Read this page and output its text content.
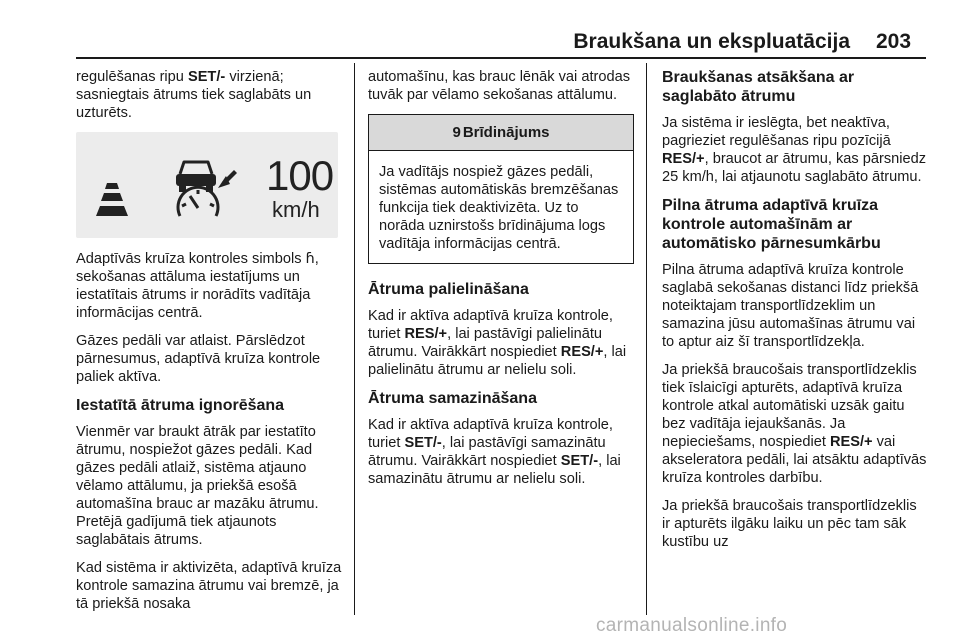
Braukšana un ekspluatācija 203

regulēšanas ripu SET/- virzienā; sasniegtais ātrums tiek saglabāts un uzturēts.

100
km/h

Adaptīvās kruīza kontroles simbols ꚕ, sekošanas attāluma iestatījums un iestatītais ātrums ir norādīts vadītāja informācijas centrā.

Gāzes pedāli var atlaist. Pārslēdzot pārnesumus, adaptīvā kruīza kontrole paliek aktīva.

Iestatītā ātruma ignorēšana

Vienmēr var braukt ātrāk par iestatīto ātrumu, nospiežot gāzes pedāli. Kad gāzes pedāli atlaiž, sistēma atjauno vēlamo attālumu, ja priekšā esošā automašīna brauc ar mazāku ātrumu. Pretējā gadījumā tiek atjaunots saglabātais ātrums.

Kad sistēma ir aktivizēta, adaptīvā kruīza kontrole samazina ātrumu vai bremzē, ja tā priekšā nosaka

automašīnu, kas brauc lēnāk vai atrodas tuvāk par vēlamo sekošanas attālumu.

9 Brīdinājums
Ja vadītājs nospiež gāzes pedāli, sistēmas automātiskās bremzēšanas funkcija tiek deaktivizēta. Uz to norāda uznirstošs brīdinājuma logs vadītāja informācijas centrā.
Ātruma palielināšana

Kad ir aktīva adaptīvā kruīza kontrole, turiet RES/+, lai pastāvīgi palielinātu ātrumu. Vairākkārt nospiediet RES/+, lai palielinātu ātrumu ar nelielu soli.

Ātruma samazināšana

Kad ir aktīva adaptīvā kruīza kontrole, turiet SET/-, lai pastāvīgi samazinātu ātrumu. Vairākkārt nospiediet SET/-, lai samazinātu ātrumu ar nelielu soli.

Braukšanas atsākšana ar saglabāto ātrumu

Ja sistēma ir ieslēgta, bet neaktīva, pagrieziet regulēšanas ripu pozīcijā RES/+, braucot ar ātrumu, kas pārsniedz 25 km/h, lai atjaunotu saglabāto ātrumu.

Pilna ātruma adaptīvā kruīza kontrole automašīnām ar automātisko pārnesumkārbu

Pilna ātruma adaptīvā kruīza kontrole saglabā sekošanas distanci līdz priekšā noteiktajam transportlīdzeklim un samazina jūsu automašīnas ātrumu vai to aptur aiz šī transportlīdzekļa.

Ja priekšā braucošais transportlīdzeklis tiek īslaicīgi apturēts, adaptīvā kruīza kontrole atkal automātiski uzsāk gaitu bez vadītāja iejaukšanās. Ja nepieciešams, nospiediet RES/+ vai akseleratora pedāli, lai atsāktu adaptīvās kruīza kontroles darbību.

Ja priekšā braucošais transportlīdzeklis ir apturēts ilgāku laiku un pēc tam sāk kustību uz

carmanualsonline.info
